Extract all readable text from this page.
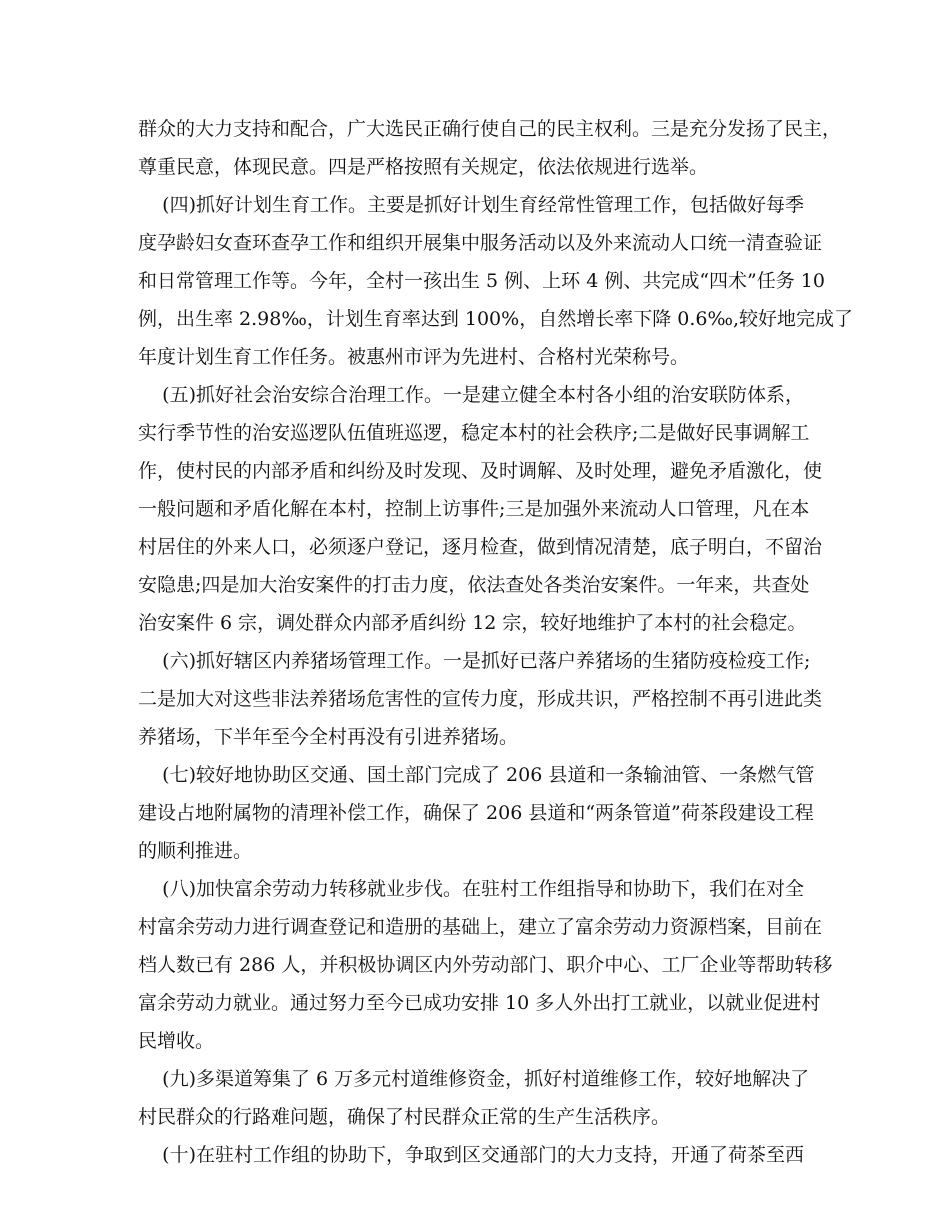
群众的大力支持和配合，广大选民正确行使自己的民主权利。三是充分发扬了民主，
尊重民意，体现民意。四是严格按照有关规定，依法依规进行选举。
(四)抓好计划生育工作。主要是抓好计划生育经常性管理工作，包括做好每季
度孕龄妇女查环查孕工作和组织开展集中服务活动以及外来流动人口统一清查验证
和日常管理工作等。今年，全村一孩出生 5 例、上环 4 例、共完成“四术”任务 10
例，出生率 2.98‰，计划生育率达到 100%，自然增长率下降 0.6‰,较好地完成了
年度计划生育工作任务。被惠州市评为先进村、合格村光荣称号。
(五)抓好社会治安综合治理工作。一是建立健全本村各小组的治安联防体系，
实行季节性的治安巡逻队伍值班巡逻，稳定本村的社会秩序;二是做好民事调解工
作，使村民的内部矛盾和纠纷及时发现、及时调解、及时处理，避免矛盾激化，使
一般问题和矛盾化解在本村，控制上访事件;三是加强外来流动人口管理，凡在本
村居住的外来人口，必须逐户登记，逐月检查，做到情况清楚，底子明白，不留治
安隐患;四是加大治安案件的打击力度，依法查处各类治安案件。一年来，共查处
治安案件 6 宗，调处群众内部矛盾纠纷 12 宗，较好地维护了本村的社会稳定。
(六)抓好辖区内养猪场管理工作。一是抓好已落户养猪场的生猪防疫检疫工作;
二是加大对这些非法养猪场危害性的宣传力度，形成共识，严格控制不再引进此类
养猪场，下半年至今全村再没有引进养猪场。
(七)较好地协助区交通、国土部门完成了 206 县道和一条输油管、一条燃气管
建设占地附属物的清理补偿工作，确保了 206 县道和“两条管道”荷茶段建设工程
的顺利推进。
(八)加快富余劳动力转移就业步伐。在驻村工作组指导和协助下，我们在对全
村富余劳动力进行调查登记和造册的基础上，建立了富余劳动力资源档案，目前在
档人数已有 286 人，并积极协调区内外劳动部门、职介中心、工厂企业等帮助转移
富余劳动力就业。通过努力至今已成功安排 10 多人外出打工就业，以就业促进村
民增收。
(九)多渠道筹集了 6 万多元村道维修资金，抓好村道维修工作，较好地解决了
村民群众的行路难问题，确保了村民群众正常的生产生活秩序。
(十)在驻村工作组的协助下，争取到区交通部门的大力支持，开通了荷茶至西
